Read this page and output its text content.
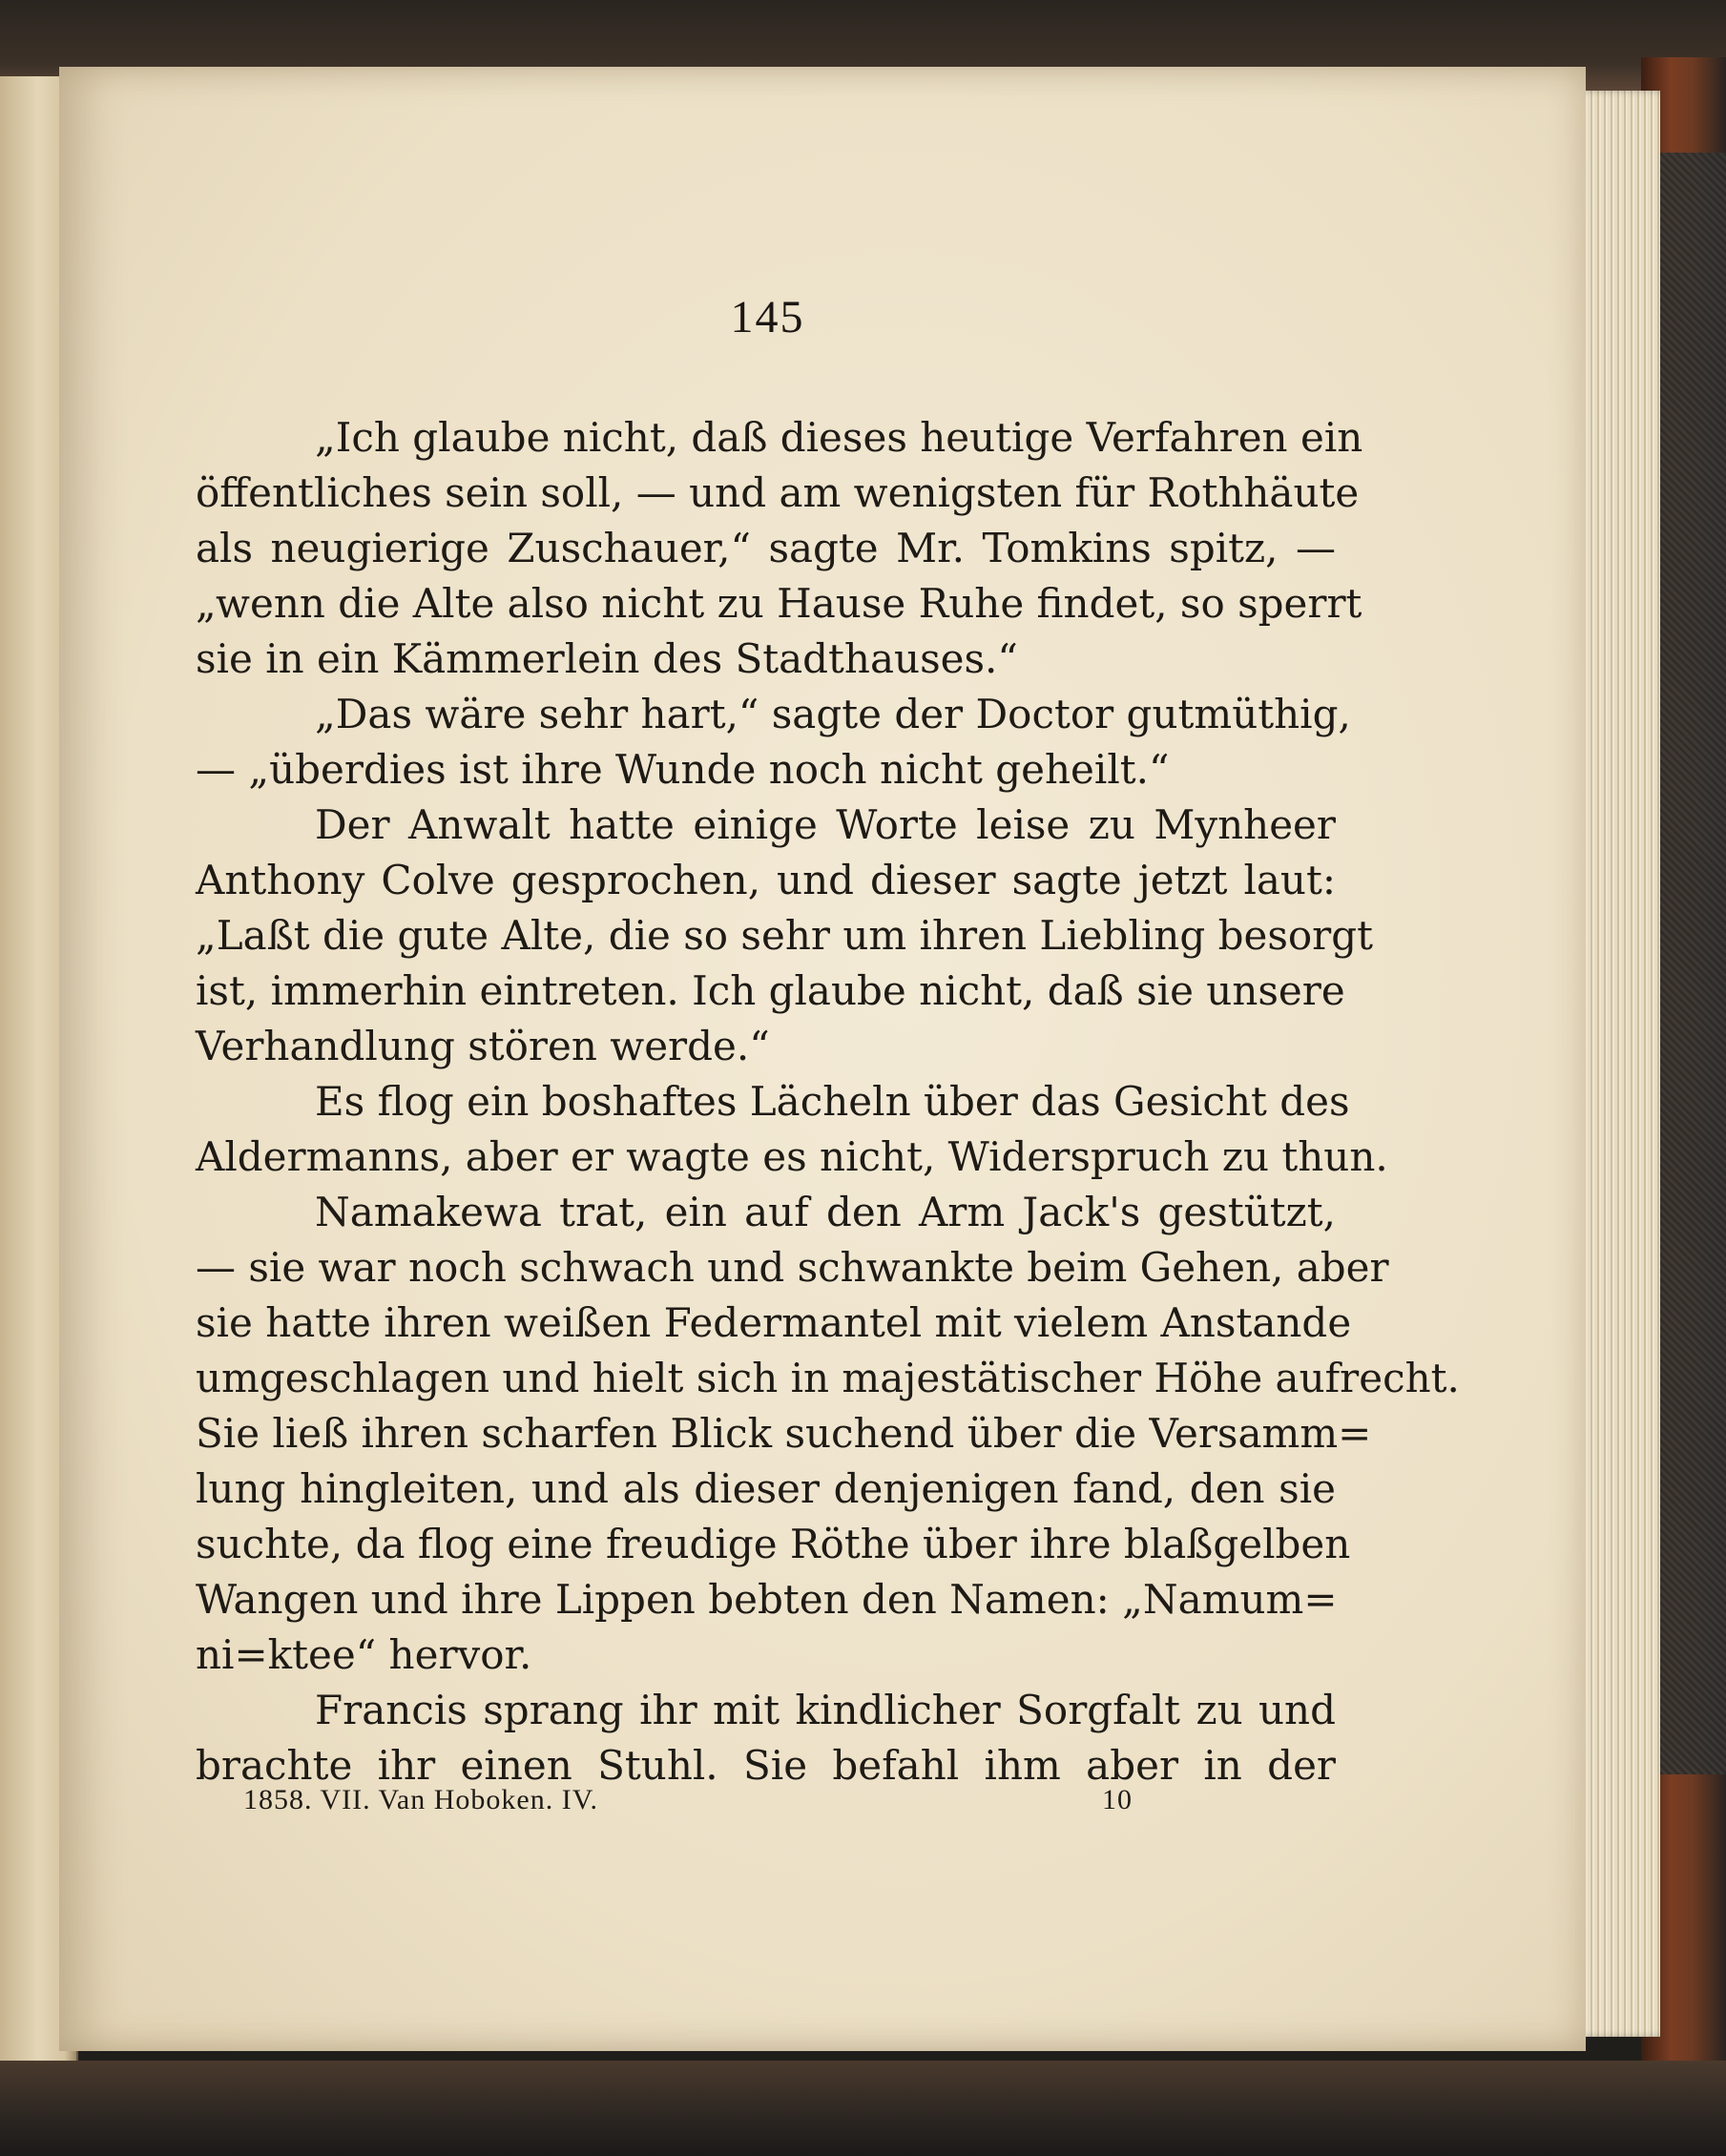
145
„Ich glaube nicht, daß dieses heutige Verfahren ein
öffentliches sein soll, — und am wenigsten für Rothhäute
als neugierige Zuschauer,“ sagte Mr. Tomkins spitz, —
„wenn die Alte also nicht zu Hause Ruhe findet, so sperrt
sie in ein Kämmerlein des Stadthauses.“
„Das wäre sehr hart,“ sagte der Doctor gutmüthig,
— „überdies ist ihre Wunde noch nicht geheilt.“
Der Anwalt hatte einige Worte leise zu Mynheer
Anthony Colve gesprochen, und dieser sagte jetzt laut:
„Laßt die gute Alte, die so sehr um ihren Liebling besorgt
ist, immerhin eintreten. Ich glaube nicht, daß sie unsere
Verhandlung stören werde.“
Es flog ein boshaftes Lächeln über das Gesicht des
Aldermanns, aber er wagte es nicht, Widerspruch zu thun.
Namakewa trat, ein auf den Arm Jack's gestützt,
— sie war noch schwach und schwankte beim Gehen, aber
sie hatte ihren weißen Federmantel mit vielem Anstande
umgeschlagen und hielt sich in majestätischer Höhe aufrecht.
Sie ließ ihren scharfen Blick suchend über die Versamm=
lung hingleiten, und als dieser denjenigen fand, den sie
suchte, da flog eine freudige Röthe über ihre blaßgelben
Wangen und ihre Lippen bebten den Namen: „Namum=
ni=ktee“ hervor.
Francis sprang ihr mit kindlicher Sorgfalt zu und
brachte ihr einen Stuhl. Sie befahl ihm aber in der
1858. VII. Van Hoboken. IV.	10
